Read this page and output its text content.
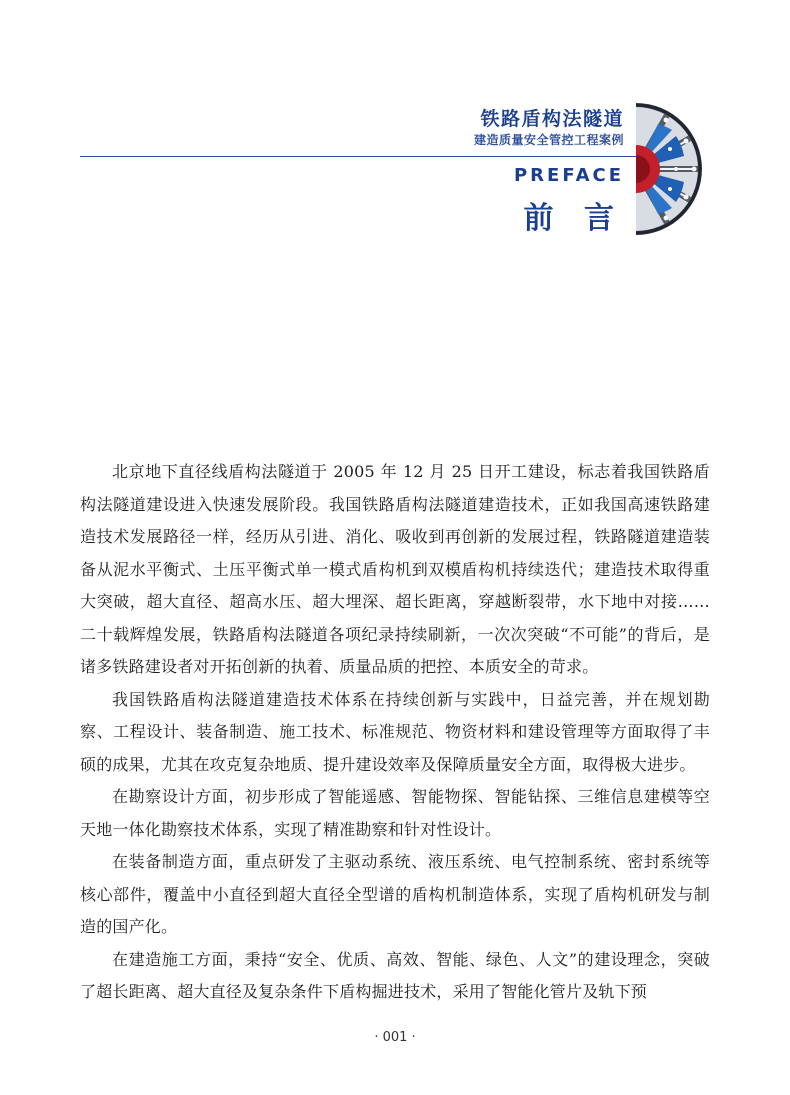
铁路盾构法隧道
建造质量安全管控工程案例
PREFACE
前 言

北京地下直径线盾构法隧道于 2005 年 12 月 25 日开工建设，标志着我国铁路盾构法隧道建设进入快速发展阶段。我国铁路盾构法隧道建造技术，正如我国高速铁路建造技术发展路径一样，经历从引进、消化、吸收到再创新的发展过程，铁路隧道建造装备从泥水平衡式、土压平衡式单一模式盾构机到双模盾构机持续迭代；建造技术取得重大突破，超大直径、超高水压、超大埋深、超长距离，穿越断裂带，水下地中对接……二十载辉煌发展，铁路盾构法隧道各项纪录持续刷新，一次次突破“不可能”的背后，是诸多铁路建设者对开拓创新的执着、质量品质的把控、本质安全的苛求。

我国铁路盾构法隧道建造技术体系在持续创新与实践中，日益完善，并在规划勘察、工程设计、装备制造、施工技术、标准规范、物资材料和建设管理等方面取得了丰硕的成果，尤其在攻克复杂地质、提升建设效率及保障质量安全方面，取得极大进步。

在勘察设计方面，初步形成了智能遥感、智能物探、智能钻探、三维信息建模等空天地一体化勘察技术体系，实现了精准勘察和针对性设计。

在装备制造方面，重点研发了主驱动系统、液压系统、电气控制系统、密封系统等核心部件，覆盖中小直径到超大直径全型谱的盾构机制造体系，实现了盾构机研发与制造的国产化。

在建造施工方面，秉持“安全、优质、高效、智能、绿色、人文”的建设理念，突破了超长距离、超大直径及复杂条件下盾构掘进技术，采用了智能化管片及轨下预

· 001 ·
